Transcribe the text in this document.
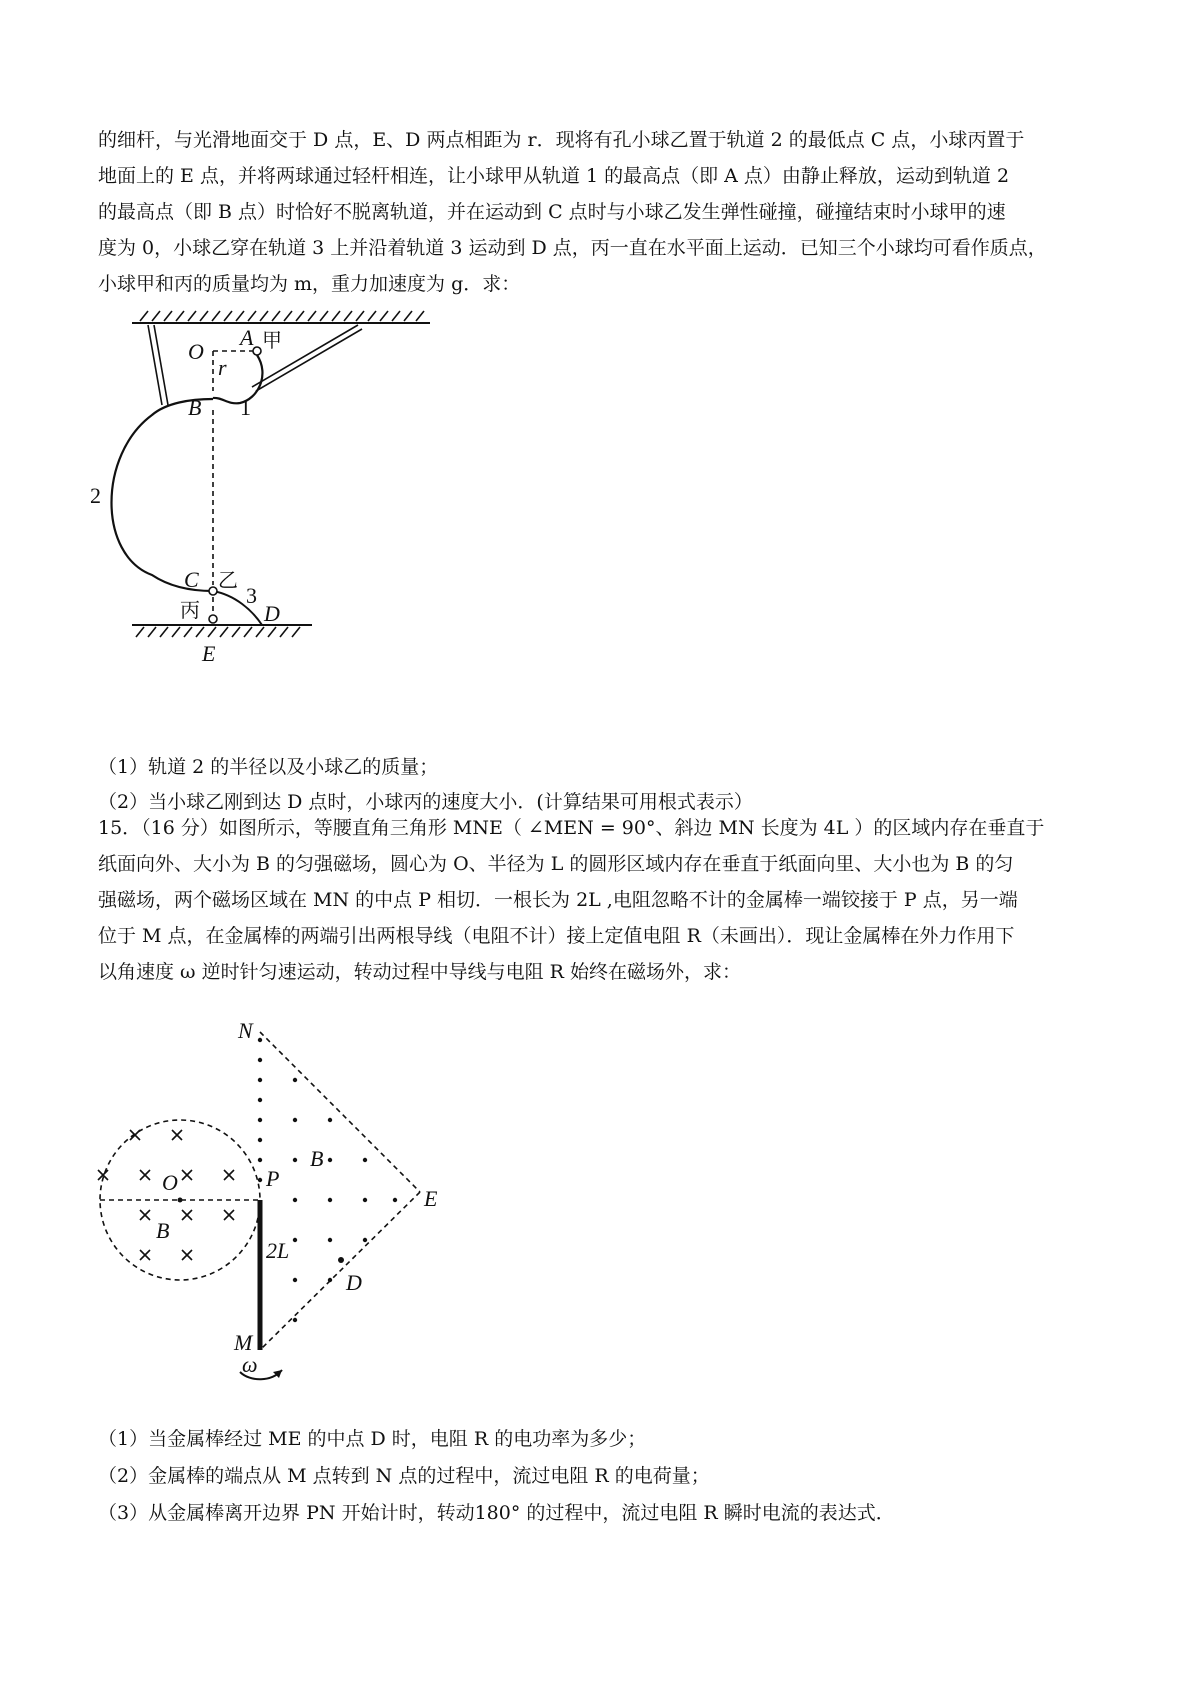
的细杆，与光滑地面交于 D 点，E、D 两点相距为 r．现将有孔小球乙置于轨道 2 的最低点 C 点，小球丙置于
地面上的 E 点，并将两球通过轻杆相连，让小球甲从轨道 1 的最高点（即 A 点）由静止释放，运动到轨道 2
的最高点（即 B 点）时恰好不脱离轨道，并在运动到 C 点时与小球乙发生弹性碰撞，碰撞结束时小球甲的速
度为 0，小球乙穿在轨道 3 上并沿着轨道 3 运动到 D 点，丙一直在水平面上运动．已知三个小球均可看作质点，
小球甲和丙的质量均为 m，重力加速度为 g．求：
O
A 甲
r
B 1
2
C 乙
3
丙	D
E
（1）轨道 2 的半径以及小球乙的质量；
（2）当小球乙刚到达 D 点时，小球丙的速度大小．(计算结果可用根式表示）
15．（16 分）如图所示，等腰直角三角形 MNE（ ∠MEN = 90°、斜边 MN 长度为 4L ）的区域内存在垂直于
纸面向外、大小为 B 的匀强磁场，圆心为 O、半径为 L 的圆形区域内存在垂直于纸面向里、大小也为 B 的匀
强磁场，两个磁场区域在 MN 的中点 P 相切．一根长为 2L ,电阻忽略不计的金属棒一端铰接于 P 点，另一端
位于 M 点，在金属棒的两端引出两根导线（电阻不计）接上定值电阻 R（未画出）．现让金属棒在外力作用下
以角速度 ω 逆时针匀速运动，转动过程中导线与电阻 R 始终在磁场外，求：
N
B
O	P
E
B
2L
D
M
ω
（1）当金属棒经过 ME 的中点 D 时，电阻 R 的电功率为多少；
（2）金属棒的端点从 M 点转到 N 点的过程中，流过电阻 R 的电荷量；
（3）从金属棒离开边界 PN 开始计时，转动180° 的过程中，流过电阻 R 瞬时电流的表达式．
